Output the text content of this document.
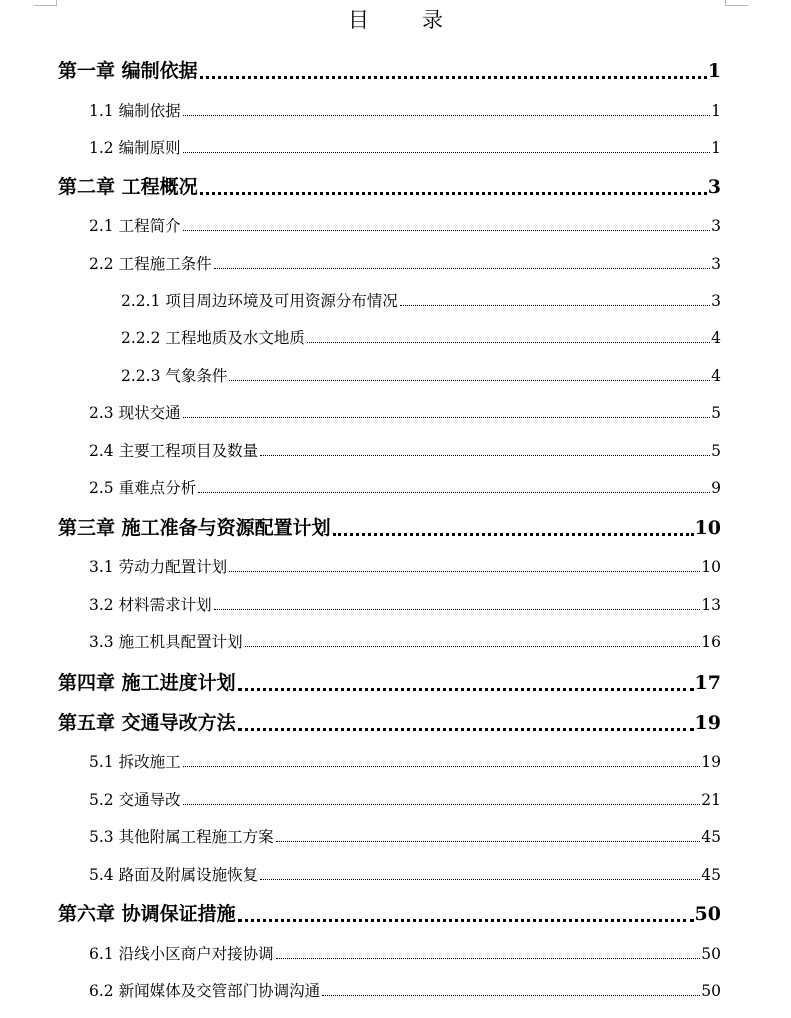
目　录
第一章 编制依据	1
1.1 编制依据	1
1.2 编制原则	1
第二章 工程概况	3
2.1 工程简介	3
2.2 工程施工条件	3
2.2.1 项目周边环境及可用资源分布情况	3
2.2.2 工程地质及水文地质	4
2.2.3 气象条件	4
2.3 现状交通	5
2.4 主要工程项目及数量	5
2.5 重难点分析	9
第三章 施工准备与资源配置计划	10
3.1 劳动力配置计划	10
3.2 材料需求计划	13
3.3 施工机具配置计划	16
第四章 施工进度计划	17
第五章 交通导改方法	19
5.1 拆改施工	19
5.2 交通导改	21
5.3 其他附属工程施工方案	45
5.4 路面及附属设施恢复	45
第六章 协调保证措施	50
6.1 沿线小区商户对接协调	50
6.2 新闻媒体及交管部门协调沟通	50
